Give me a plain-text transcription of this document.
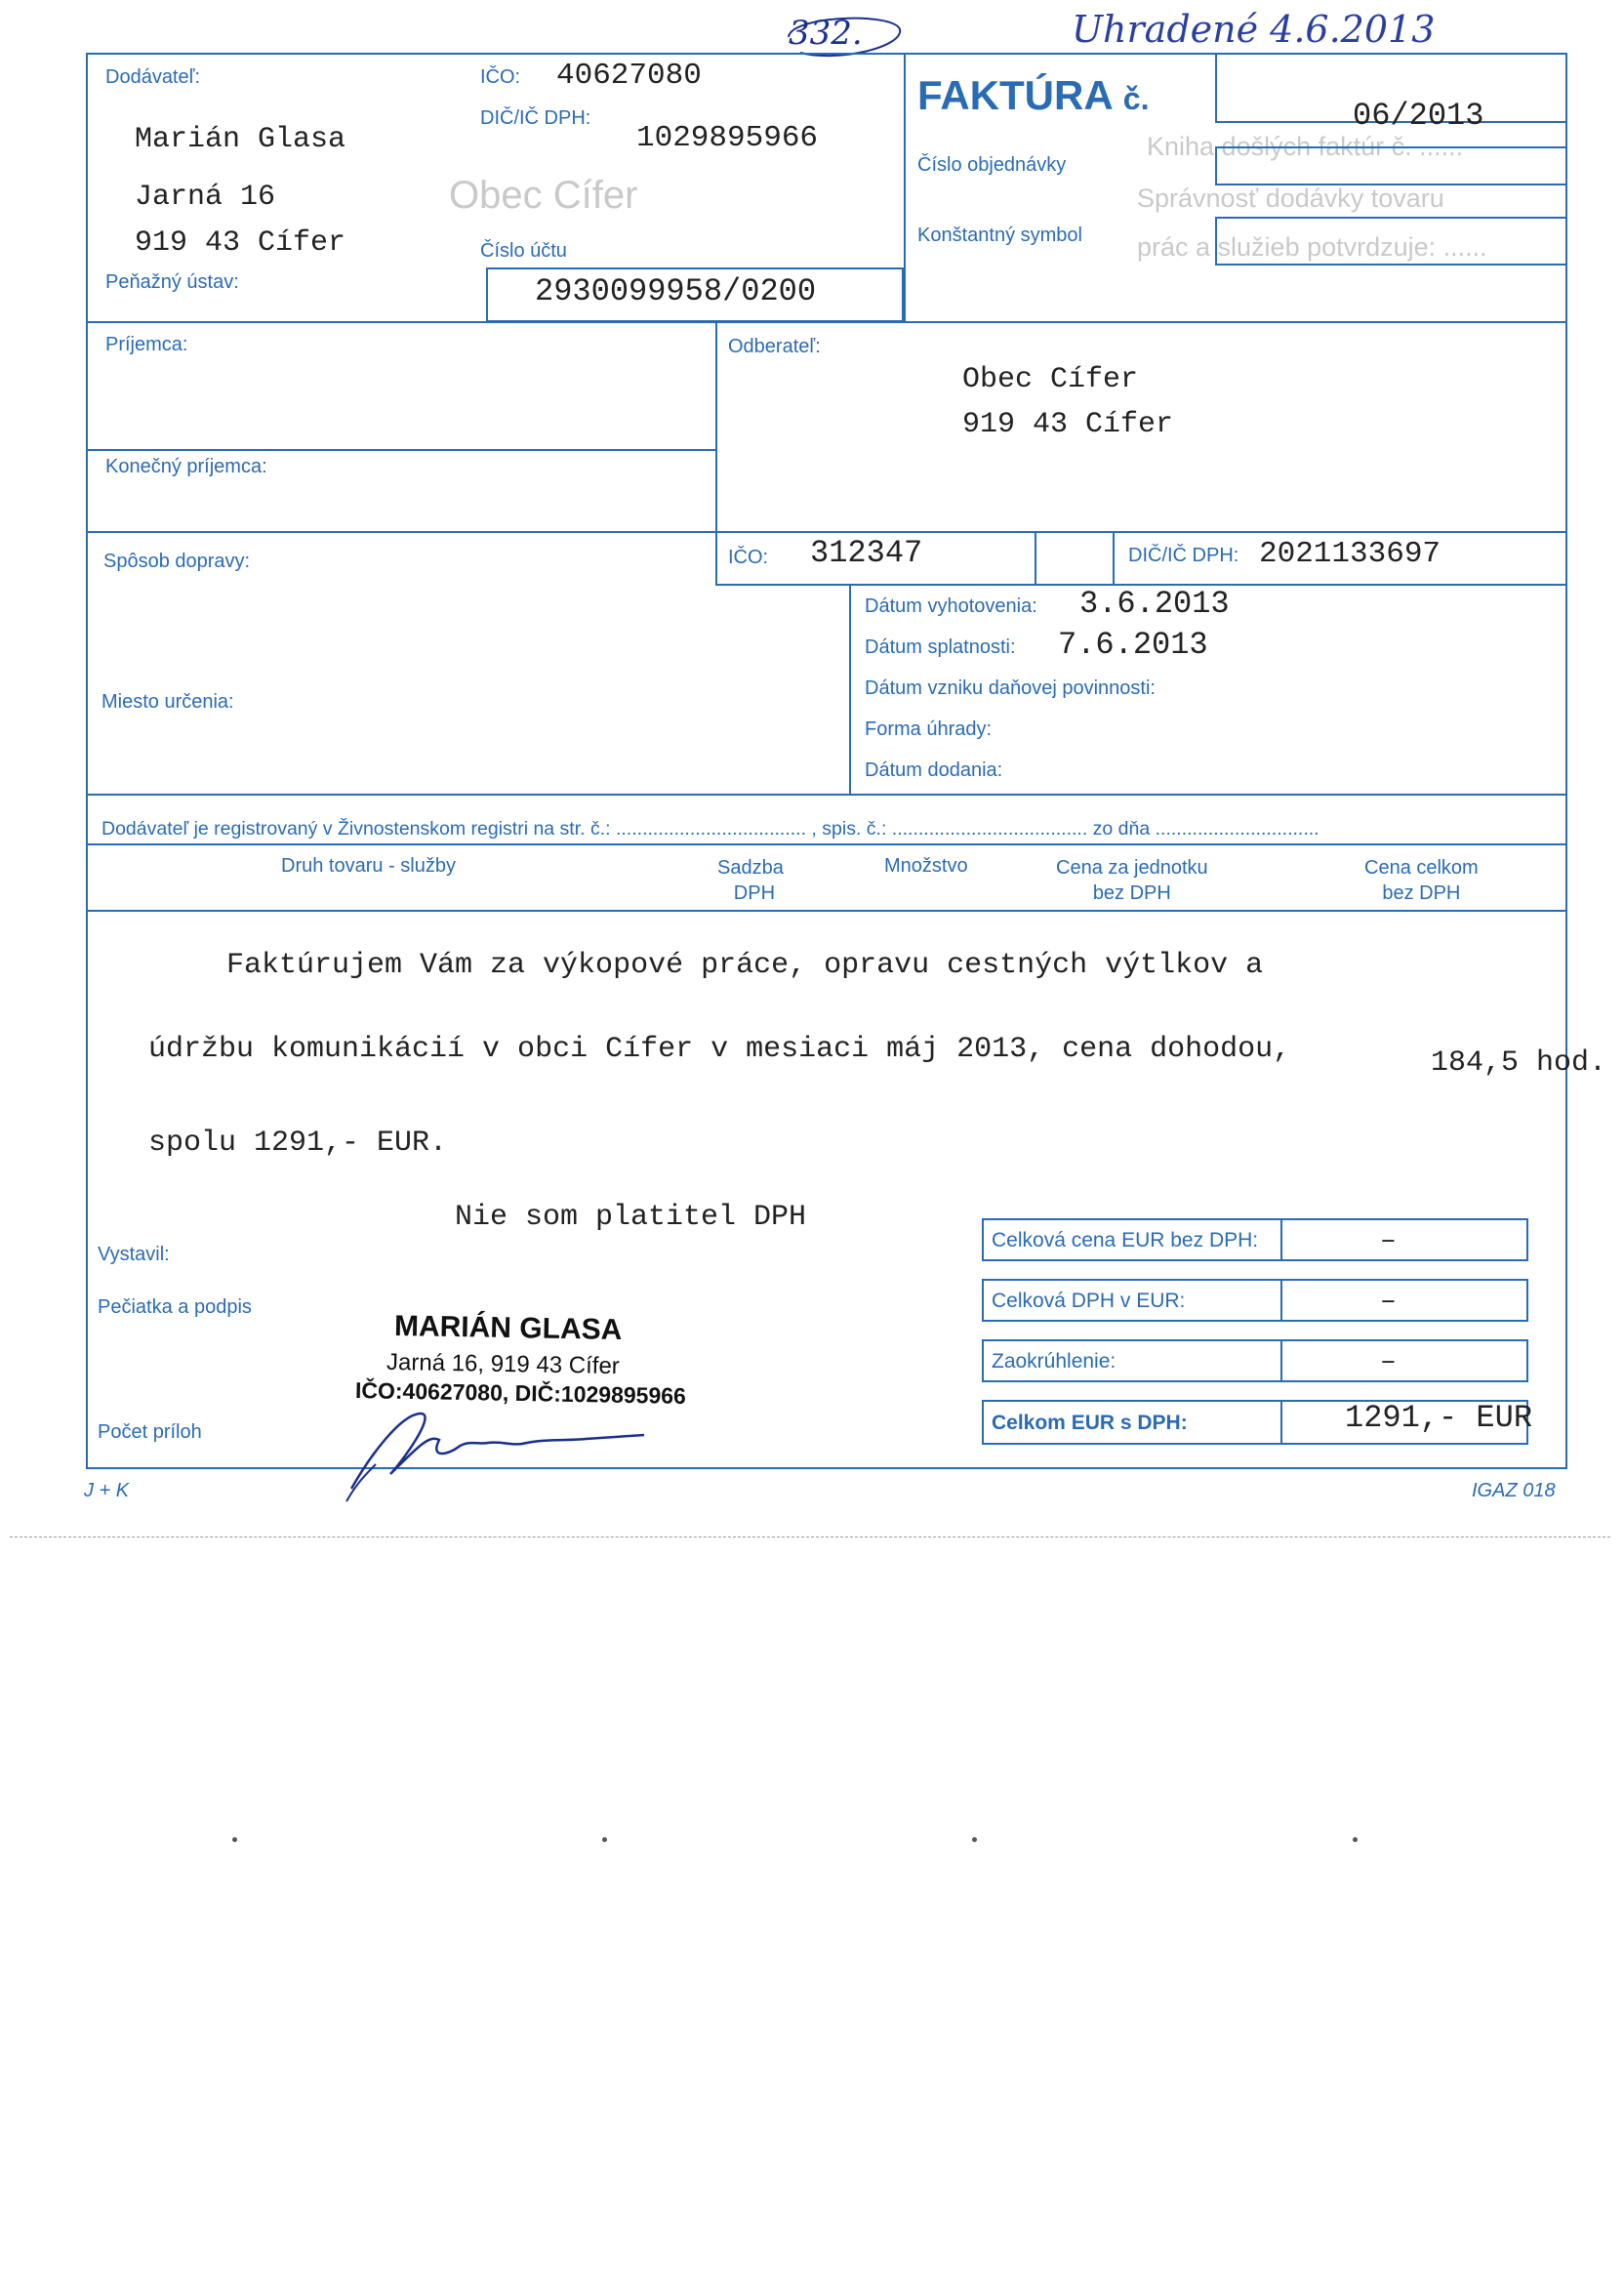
332.	Uhradené 4.6.2013
Kniha došlých faktúr č. ......
Správnosť dodávky tovaru
prác a služieb potvrdzuje: ......
Obec Cífer
Dodávateľ:
Marián Glasa
Jarná 16
919 43 Cífer
Peňažný ústav:
IČO: 40627080
DIČ/IČ DPH:
1029895966
Číslo účtu
2930099958/0200
FAKTÚRA č.	06/2013
Číslo objednávky
Konštantný symbol
Príjemca:
Konečný príjemca:
Odberateľ:
Obec Cífer
919 43 Cífer
IČO: 312347	DIČ/IČ DPH: 2021133697
Spôsob dopravy:
Miesto určenia:
Dátum vyhotovenia: 3.6.2013
Dátum splatnosti: 7.6.2013
Dátum vzniku daňovej povinnosti:
Forma úhrady:
Dátum dodania:
Dodávateľ je registrovaný v Živnostenskom registri na str. č.: .................................... , spis. č.: ..................................... zo dňa ...............................
Druh tovaru - služby	Sadzba
DPH
Množstvo	Cena za jednotku
bez DPH
Cena celkom
bez DPH
Faktúrujem Vám za výkopové práce, opravu cestných výtlkov a
údržbu komunikácií v obci Cífer v mesiaci máj 2013, cena dohodou,	184,5 hod.
spolu 1291,- EUR.
Nie som platitel DPH
Vystavil:
Pečiatka a podpis
Počet príloh
J + K	IGAZ 018
MARIÁN GLASA
Jarná 16, 919 43 Cífer
IČO:40627080, DIČ:1029895966
Celková cena EUR bez DPH:	–
Celková DPH v EUR:	–
Zaokrúhlenie:	–
Celkom EUR s DPH:	1291,- EUR
